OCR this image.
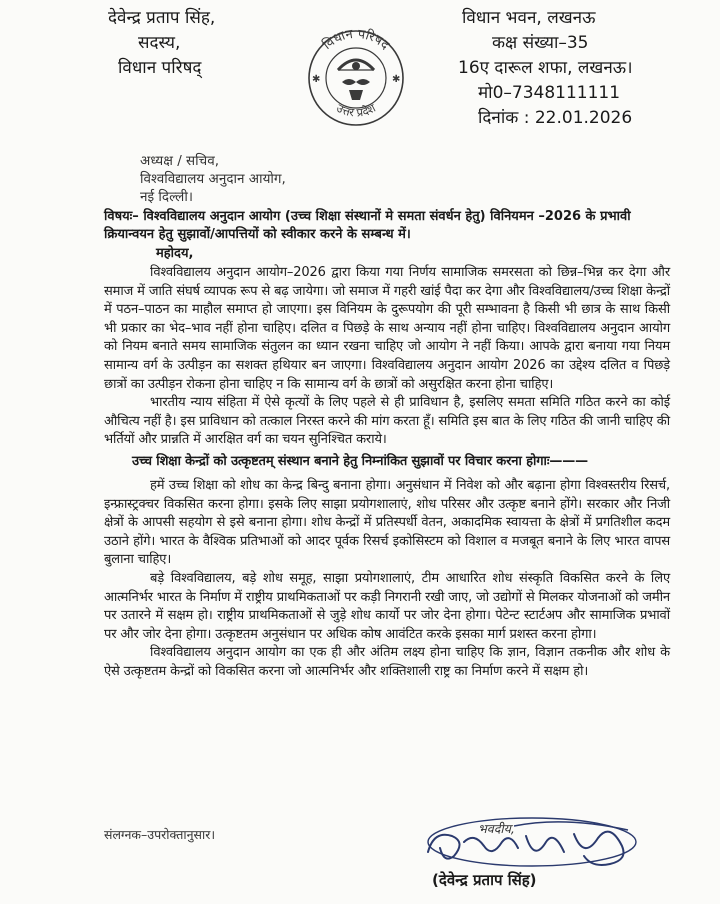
देवेन्द्र प्रताप सिंह,
सदस्य,
विधान परिषद्
✱	✱
विधान परिषद
उत्तर प्रदेश
विधान भवन, लखनऊ
कक्ष संख्या–35
16ए दारूल शफा, लखनऊ।
मो0–7348111111
दिनांक : 22.01.2026
अध्यक्ष / सचिव,
विश्वविद्यालय अनुदान आयोग,
नई दिल्ली।
विषयः– विश्वविद्यालय अनुदान आयोग (उच्च शिक्षा संस्थानों मे समता संवर्धन हेतु) विनियमन –2026 के प्रभावी क्रियान्वयन हेतु सुझावों/आपत्तियों को स्वीकार करने के सम्बन्ध में।
महोदय,

विश्वविद्यालय अनुदान आयोग–2026 द्वारा किया गया निर्णय सामाजिक समरसता को छिन्न–भिन्न कर देगा और समाज में जाति संघर्ष व्यापक रूप से बढ़ जायेगा। जो समाज में गहरी खांई पैदा कर देगा और विश्वविद्यालय/उच्च शिक्षा केन्द्रों में पठन–पाठन का माहौल समाप्त हो जाएगा। इस विनियम के दुरूपयोग की पूरी सम्भावना है किसी भी छात्र के साथ किसी भी प्रकार का भेद–भाव नहीं होना चाहिए। दलित व पिछड़े के साथ अन्याय नहीं होना चाहिए। विश्वविद्यालय अनुदान आयोग को नियम बनाते समय सामाजिक संतुलन का ध्यान रखना चाहिए जो आयोग ने नहीं किया। आपके द्वारा बनाया गया नियम सामान्य वर्ग के उत्पीड़न का सशक्त हथियार बन जाएगा। विश्वविद्यालय अनुदान आयोग 2026 का उद्देश्य दलित व पिछड़े छात्रों का उत्पीड़न रोकना होना चाहिए न कि सामान्य वर्ग के छात्रों को असुरक्षित करना होना चाहिए।

भारतीय न्याय संहिता में ऐसे कृत्यों के लिए पहले से ही प्राविधान है, इसलिए समता समिति गठित करने का कोई औचित्य नहीं है। इस प्राविधान को तत्काल निरस्त करने की मांग करता हूँ। समिति इस बात के लिए गठित की जानी चाहिए की भर्तियों और प्रान्नति में आरक्षित वर्ग का चयन सुनिश्चित कराये।

उच्च शिक्षा केन्द्रों को उत्कृष्टतम् संस्थान बनाने हेतु निम्नांकित सुझावों पर विचार करना होगाः———

हमें उच्च शिक्षा को शोध का केन्द्र बिन्दु बनाना होगा। अनुसंधान में निवेश को और बढ़ाना होगा विश्वस्तरीय रिसर्च, इन्फ्रास्ट्रक्चर विकसित करना होगा। इसके लिए साझा प्रयोगशालाएं, शोध परिसर और उत्कृष्ट बनाने होंगे। सरकार और निजी क्षेत्रों के आपसी सहयोग से इसे बनाना होगा। शोध केन्द्रों में प्रतिस्पर्धी वेतन, अकादमिक स्वायत्ता के क्षेत्रों में प्रगतिशील कदम उठाने होंगे। भारत के वैश्विक प्रतिभाओं को आदर पूर्वक रिसर्च इकोसिस्टम को विशाल व मजबूत बनाने के लिए भारत वापस बुलाना चाहिए।

बड़े विश्वविद्यालय, बड़े शोध समूह, साझा प्रयोगशालाएं, टीम आधारित शोध संस्कृति विकसित करने के लिए आत्मनिर्भर भारत के निर्माण में राष्ट्रीय प्राथमिकताओं पर कड़ी निगरानी रखी जाए, जो उद्योगों से मिलकर योजनाओं को जमीन पर उतारने में सक्षम हो। राष्ट्रीय प्राथमिकताओं से जुड़े शोध कार्यो पर जोर देना होगा। पेटेन्ट स्टार्टअप और सामाजिक प्रभावों पर और जोर देना होगा। उत्कृष्टतम अनुसंधान पर अधिक कोष आवंटित करके इसका मार्ग प्रशस्त करना होगा।

विश्वविद्यालय अनुदान आयोग का एक ही और अंतिम लक्ष्य होना चाहिए कि ज्ञान, विज्ञान तकनीक और शोध के ऐसे उत्कृष्टतम केन्द्रों को विकसित करना जो आत्मनिर्भर और शक्तिशाली राष्ट्र का निर्माण करने में सक्षम हो।

संलग्नक–उपरोक्तानुसार।	भवदीय,
(देवेन्द्र प्रताप सिंह)
